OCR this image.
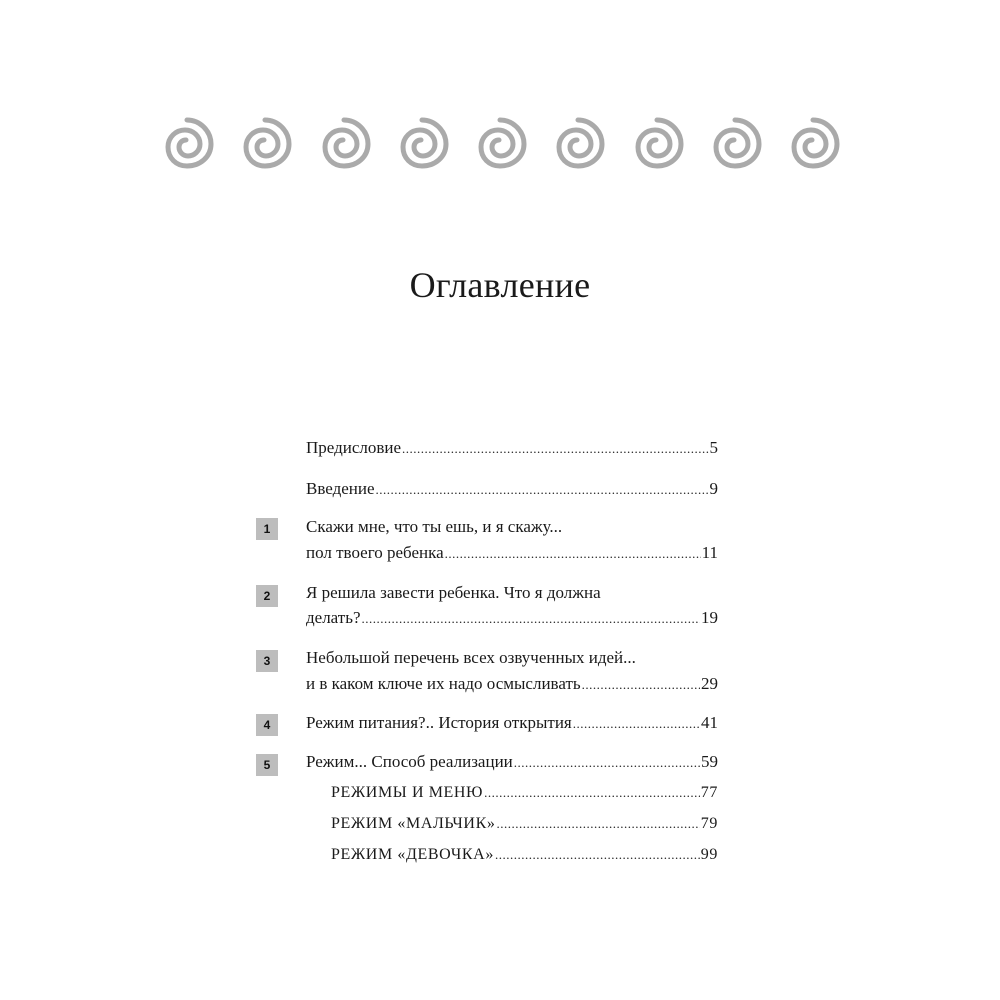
Оглавление
Предисловие .....	5
Введение .....	9
1	Скажи мне, что ты ешь, и я скажу...
пол твоего ребенка .....	11
2	Я решила завести ребенка. Что я должна
делать? .....	19
3	Небольшой перечень всех озвученных идей...
и в каком ключе их надо осмысливать .....	29
4	Режим питания?.. История открытия .....	41
5	Режим... Способ реализации .....	59
РЕЖИМЫ И МЕНЮ .....	77
РЕЖИМ «МАЛЬЧИК» .....	79
РЕЖИМ «ДЕВОЧКА» .....	99
